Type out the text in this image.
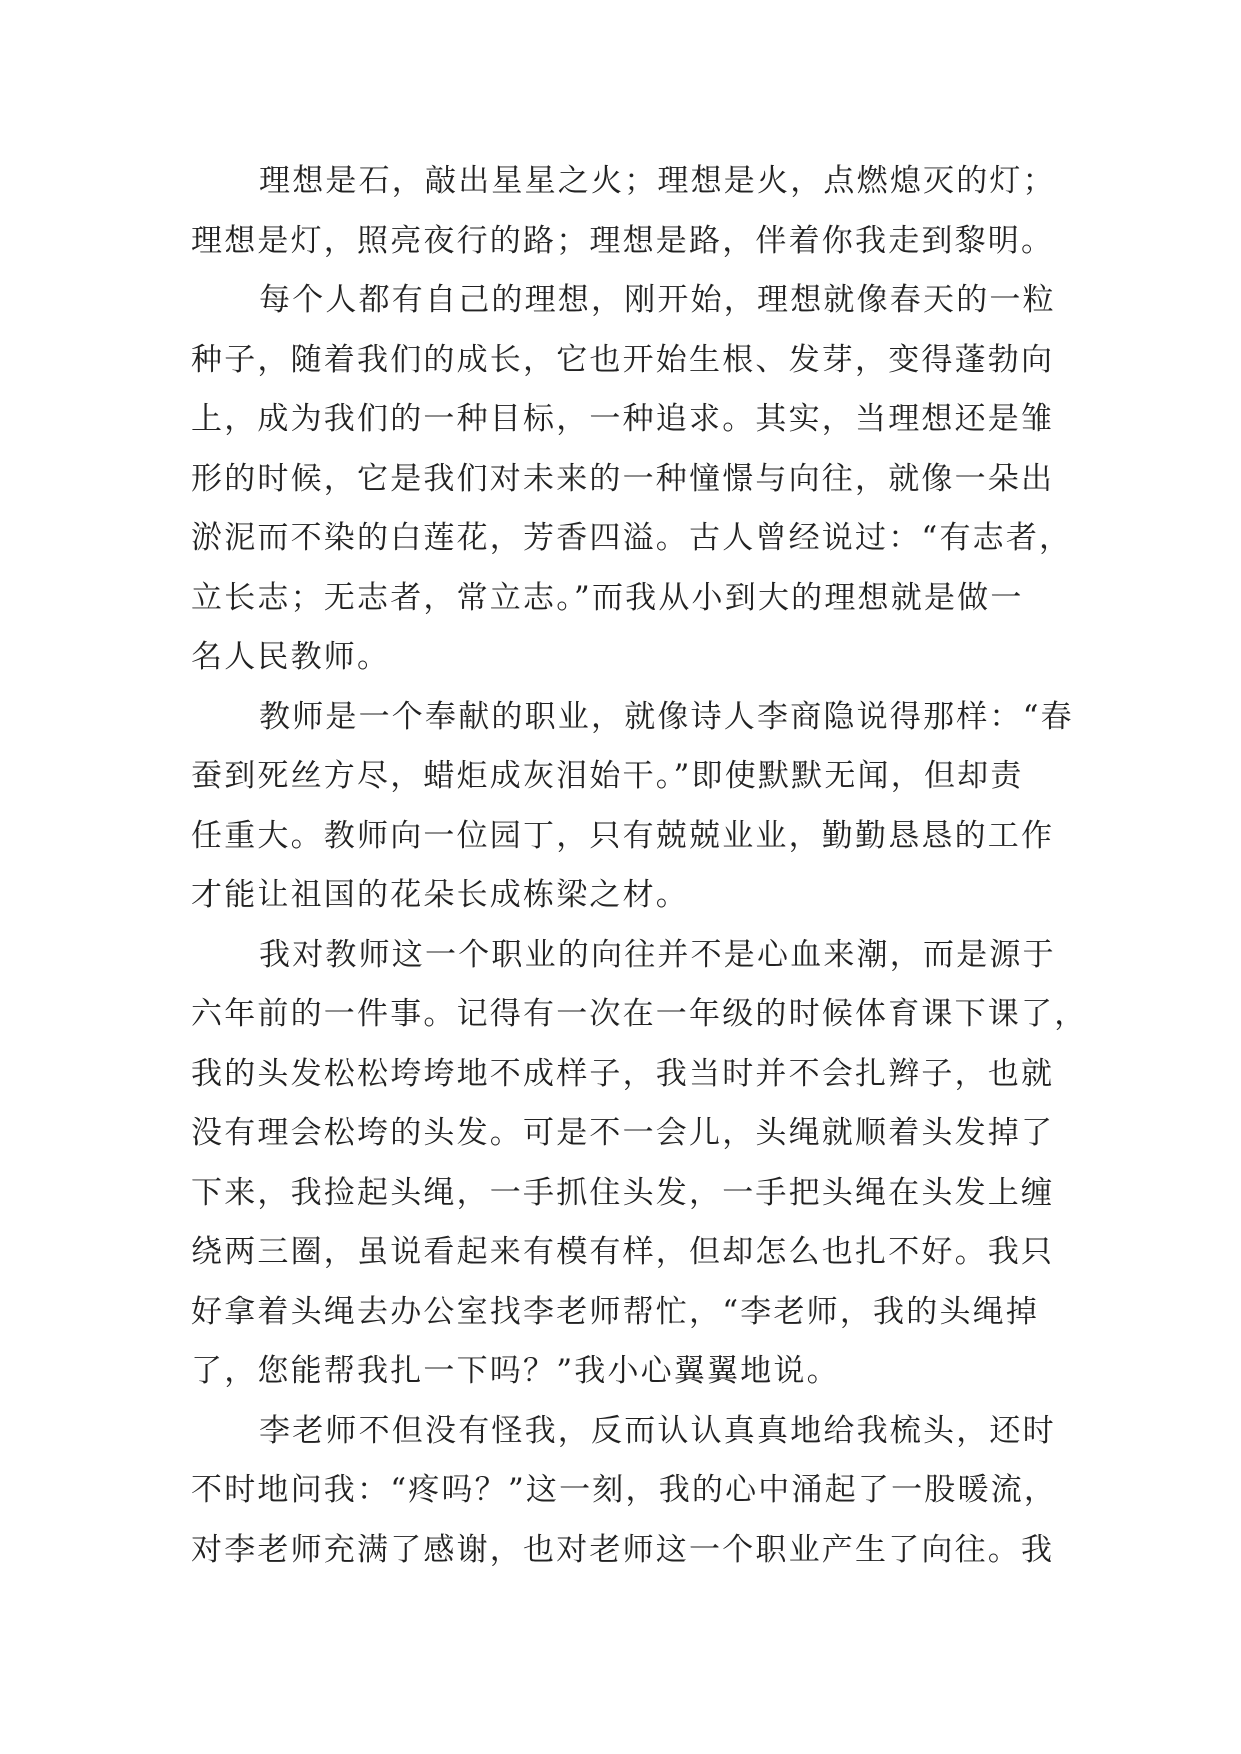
理想是石，敲出星星之火；理想是火，点燃熄灭的灯；
理想是灯，照亮夜行的路；理想是路，伴着你我走到黎明。
每个人都有自己的理想，刚开始，理想就像春天的一粒
种子，随着我们的成长，它也开始生根、发芽，变得蓬勃向
上，成为我们的一种目标，一种追求。其实，当理想还是雏
形的时候，它是我们对未来的一种憧憬与向往，就像一朵出
淤泥而不染的白莲花，芳香四溢。古人曾经说过：“有志者，
立长志；无志者，常立志。”而我从小到大的理想就是做一
名人民教师。
教师是一个奉献的职业，就像诗人李商隐说得那样：“春
蚕到死丝方尽，蜡炬成灰泪始干。”即使默默无闻，但却责
任重大。教师向一位园丁，只有兢兢业业，勤勤恳恳的工作
才能让祖国的花朵长成栋梁之材。
我对教师这一个职业的向往并不是心血来潮，而是源于
六年前的一件事。记得有一次在一年级的时候体育课下课了，
我的头发松松垮垮地不成样子，我当时并不会扎辫子，也就
没有理会松垮的头发。可是不一会儿，头绳就顺着头发掉了
下来，我捡起头绳，一手抓住头发，一手把头绳在头发上缠
绕两三圈，虽说看起来有模有样，但却怎么也扎不好。我只
好拿着头绳去办公室找李老师帮忙，“李老师，我的头绳掉
了，您能帮我扎一下吗？”我小心翼翼地说。
李老师不但没有怪我，反而认认真真地给我梳头，还时
不时地问我：“疼吗？”这一刻，我的心中涌起了一股暖流，
对李老师充满了感谢，也对老师这一个职业产生了向往。我
